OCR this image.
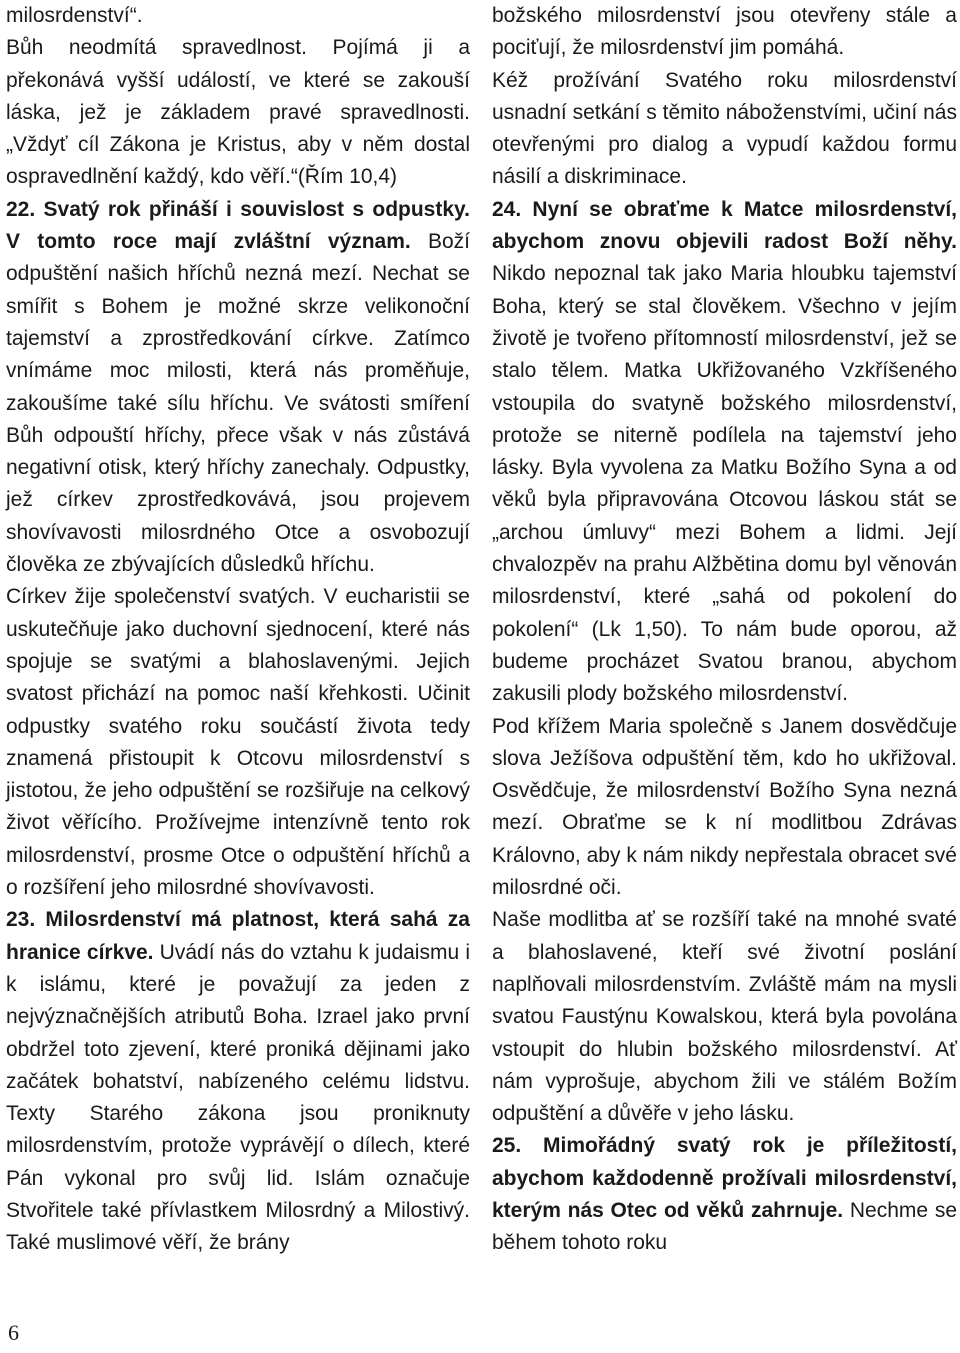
milosrdenství“.

Bůh neodmítá spravedlnost. Pojímá ji a překonává vyšší událostí, ve které se zakouší láska, jež je základem pravé spravedlnosti. „Vždyť cíl Zákona je Kristus, aby v něm dostal ospravedlnění každý, kdo věří.“(Řím 10,4)

22. Svatý rok přináší i souvislost s odpustky. V tomto roce mají zvláštní význam. Boží odpuštění našich hříchů nezná mezí. Nechat se smířit s Bohem je možné skrze velikonoční tajemství a zprostředkování církve. Zatímco vnímáme moc milosti, která nás proměňuje, zakoušíme také sílu hříchu. Ve svátosti smíření Bůh odpouští hříchy, přece však v nás zůstává negativní otisk, který hříchy zanechaly. Odpustky, jež církev zprostředkovává, jsou projevem shovívavosti milosrdného Otce a osvobozují člověka ze zbývajících důsledků hříchu.

Církev žije společenství svatých. V eucharistii se uskutečňuje jako duchovní sjednocení, které nás spojuje se svatými a blahoslavenými. Jejich svatost přichází na pomoc naší křehkosti. Učinit odpustky svatého roku součástí života tedy znamená přistoupit k Otcovu milosrdenství s jistotou, že jeho odpuštění se rozšiřuje na celkový život věřícího. Prožívejme intenzívně tento rok milosrdenství, prosme Otce o odpuštění hříchů a o rozšíření jeho milosrdné shovívavosti.

23. Milosrdenství má platnost, která sahá za hranice církve. Uvádí nás do vztahu k judaismu i k islámu, které je považují za jeden z nejvýznačnějších atributů Boha. Izrael jako první obdržel toto zjevení, které proniká dějinami jako začátek bohatství, nabízeného celému lidstvu. Texty Starého zákona jsou proniknuty milosrdenstvím, protože vyprávějí o dílech, které Pán vykonal pro svůj lid. Islám označuje Stvořitele také přívlastkem Milosrdný a Milostivý. Také muslimové věří, že brány

božského milosrdenství jsou otevřeny stále a pociťují, že milosrdenství jim pomáhá.

Kéž prožívání Svatého roku milosrdenství usnadní setkání s těmito náboženstvími, učiní nás otevřenými pro dialog a vypudí každou formu násilí a diskriminace.

24. Nyní se obraťme k Matce milosrdenství, abychom znovu objevili radost Boží něhy. Nikdo nepoznal tak jako Maria hloubku tajemství Boha, který se stal člověkem. Všechno v jejím životě je tvořeno přítomností milosrdenství, jež se stalo tělem. Matka Ukřižovaného Vzkříšeného vstoupila do svatyně božského milosrdenství, protože se niterně podílela na tajemství jeho lásky. Byla vyvolena za Matku Božího Syna a od věků byla připravována Otcovou láskou stát se „archou úmluvy“ mezi Bohem a lidmi. Její chvalozpěv na prahu Alžbětina domu byl věnován milosrdenství, které „sahá od pokolení do pokolení“ (Lk 1,50). To nám bude oporou, až budeme procházet Svatou branou, abychom zakusili plody božského milosrdenství.

Pod křížem Maria společně s Janem dosvědčuje slova Ježíšova odpuštění těm, kdo ho ukřižoval. Osvědčuje, že milosrdenství Božího Syna nezná mezí. Obraťme se k ní modlitbou Zdrávas Královno, aby k nám nikdy nepřestala obracet své milosrdné oči.

Naše modlitba ať se rozšíří také na mnohé svaté a blahoslavené, kteří své životní poslání naplňovali milosrdenstvím. Zvláště mám na mysli svatou Faustýnu Kowalskou, která byla povolána vstoupit do hlubin božského milosrdenství. Ať nám vyprošuje, abychom žili ve stálém Božím odpuštění a důvěře v jeho lásku.

25. Mimořádný svatý rok je příležitostí, abychom každodenně prožívali milosrdenství, kterým nás Otec od věků zahrnuje. Nechme se během tohoto roku

6
